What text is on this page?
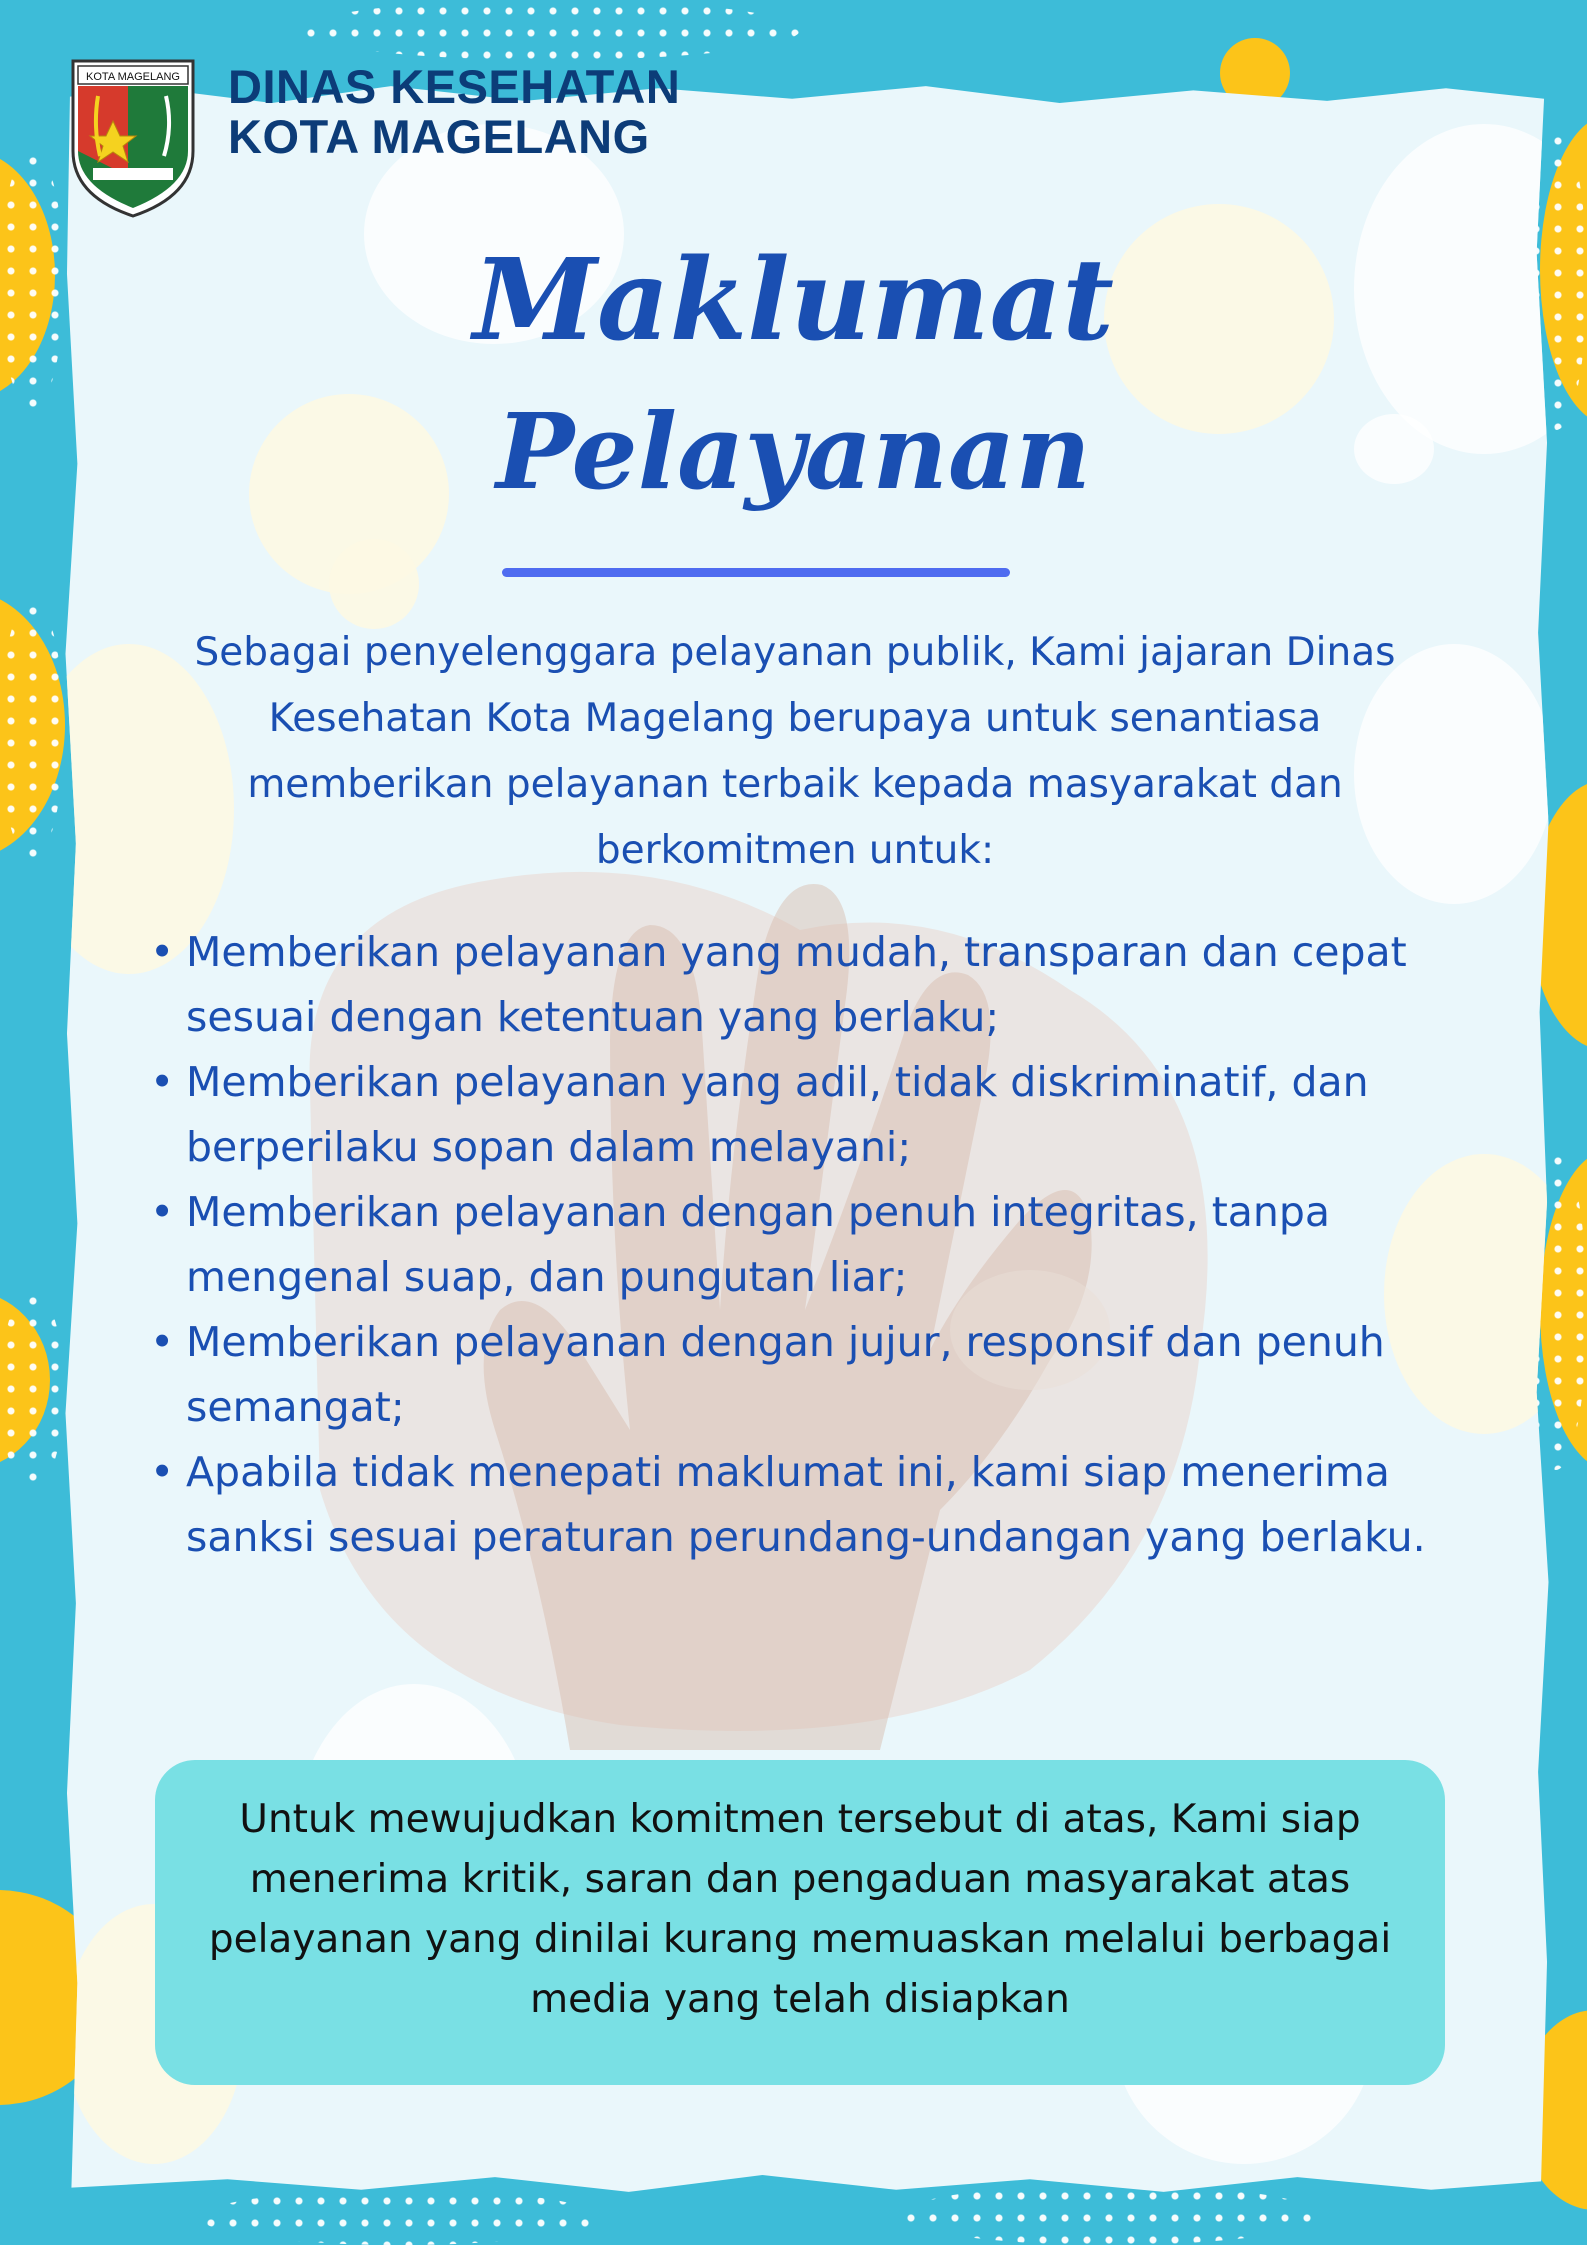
KOTA MAGELANG DINAS KESEHATAN
KOTA MAGELANG
Maklumat
Pelayanan
Sebagai penyelenggara pelayanan publik, Kami jajaran Dinas Kesehatan Kota Magelang berupaya untuk senantiasa memberikan pelayanan terbaik kepada masyarakat dan berkomitmen untuk:
• Memberikan pelayanan yang mudah, transparan dan cepat sesuai dengan ketentuan yang berlaku;
• Memberikan pelayanan yang adil, tidak diskriminatif, dan berperilaku sopan dalam melayani;
• Memberikan pelayanan dengan penuh integritas, tanpa mengenal suap, dan pungutan liar;
• Memberikan pelayanan dengan jujur, responsif dan penuh semangat;
• Apabila tidak menepati maklumat ini, kami siap menerima sanksi sesuai peraturan perundang-undangan yang berlaku.
Untuk mewujudkan komitmen tersebut di atas, Kami siap menerima kritik, saran dan pengaduan masyarakat atas pelayanan yang dinilai kurang memuaskan melalui berbagai media yang telah disiapkan
